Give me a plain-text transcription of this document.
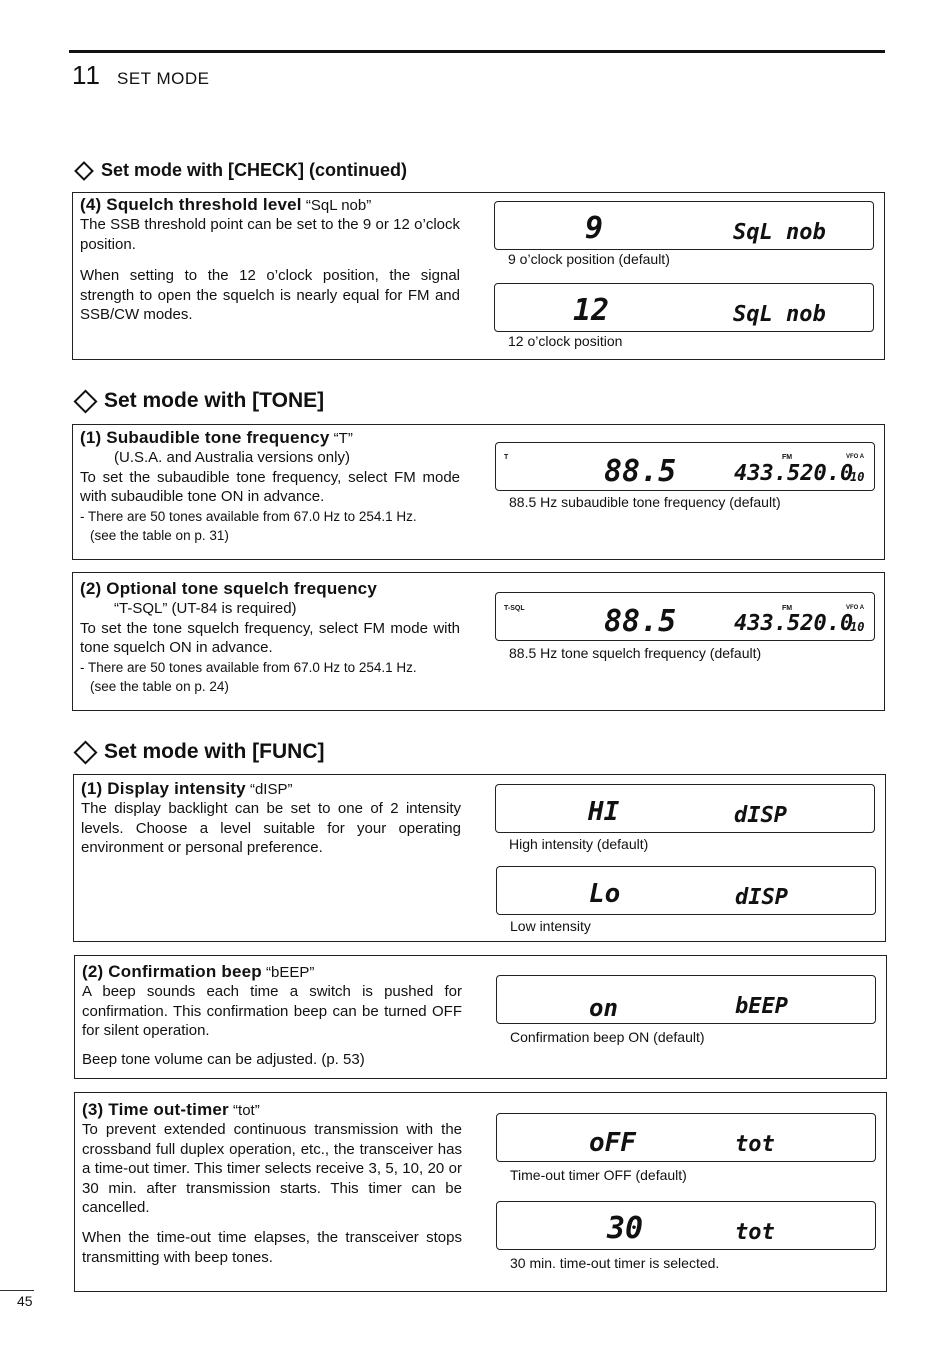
11 SET MODE
Set mode with [CHECK] (continued)

(4) Squelch threshold level “SqL nob”

The SSB threshold point can be set to the 9 or 12 o’clock position.

When setting to the 12 o’clock position, the signal strength to open the squelch is nearly equal for FM and SSB/CW modes.

9	SqL nob
9 o’clock position (default)
12	SqL nob
12 o’clock position
Set mode with [TONE]

(1) Subaudible tone frequency “T”

(U.S.A. and Australia versions only)

To set the subaudible tone frequency, select FM mode with subaudible tone ON in advance.

- There are 50 tones available from 67.0 Hz to 254.1 Hz.

(see the table on p. 31)

T	FM	VFO A
88.5	433.520.0
10
88.5 Hz subaudible tone frequency (default)

(2) Optional tone squelch frequency

“T-SQL” (UT-84 is required)

To set the tone squelch frequency, select FM mode with tone squelch ON in advance.

- There are 50 tones available from 67.0 Hz to 254.1 Hz.

(see the table on p. 24)

T-SQL	FM	VFO A
88.5	433.520.0
10
88.5 Hz tone squelch frequency (default)
Set mode with [FUNC]

(1) Display intensity “dISP”

The display backlight can be set to one of 2 intensity levels. Choose a level suitable for your operating environment or personal preference.

HI	dISP
High intensity (default)
Lo	dISP
Low intensity

(2) Confirmation beep “bEEP”

A beep sounds each time a switch is pushed for confirmation. This confirmation beep can be turned OFF for silent operation.

Beep tone volume can be adjusted. (p. 53)

on	bEEP
Confirmation beep ON (default)

(3) Time out-timer “tot”

To prevent extended continuous transmission with the crossband full duplex operation, etc., the transceiver has a time-out timer. This timer selects receive 3, 5, 10, 20 or 30 min. after transmission starts. This timer can be cancelled.

When the time-out time elapses, the transceiver stops transmitting with beep tones.

oFF	tot
Time-out timer OFF (default)
30	tot
30 min. time-out timer is selected.
45
